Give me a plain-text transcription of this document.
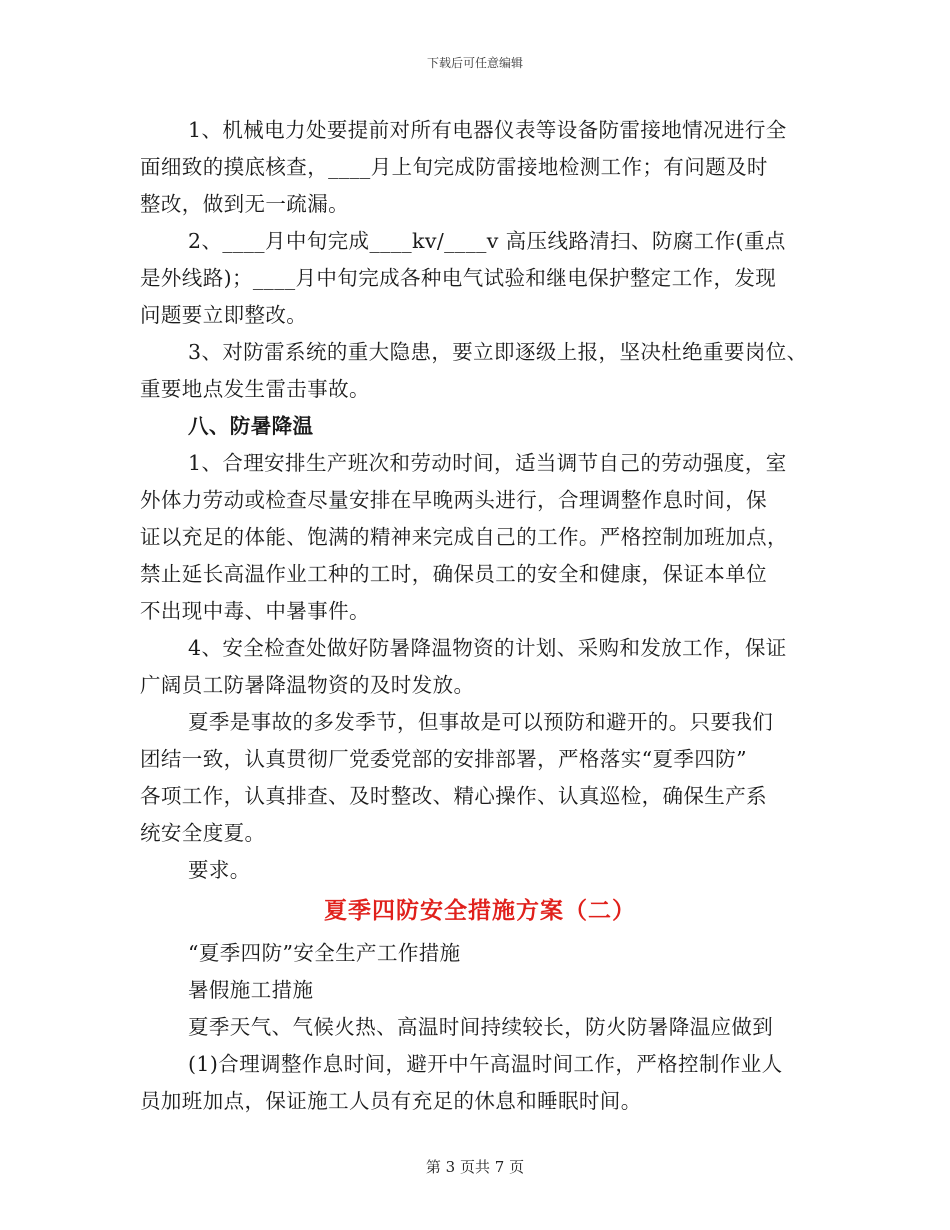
下载后可任意编辑
1、机械电力处要提前对所有电器仪表等设备防雷接地情况进行全
面细致的摸底核查，____月上旬完成防雷接地检测工作；有问题及时
整改，做到无一疏漏。
2、____月中旬完成____kv/____v 高压线路清扫、防腐工作(重点
是外线路)；____月中旬完成各种电气试验和继电保护整定工作，发现
问题要立即整改。
3、对防雷系统的重大隐患，要立即逐级上报，坚决杜绝重要岗位、
重要地点发生雷击事故。
八、防暑降温
1、合理安排生产班次和劳动时间，适当调节自己的劳动强度，室
外体力劳动或检查尽量安排在早晚两头进行，合理调整作息时间，保
证以充足的体能、饱满的精神来完成自己的工作。严格控制加班加点，
禁止延长高温作业工种的工时，确保员工的安全和健康，保证本单位
不出现中毒、中暑事件。
4、安全检查处做好防暑降温物资的计划、采购和发放工作，保证
广阔员工防暑降温物资的及时发放。
夏季是事故的多发季节，但事故是可以预防和避开的。只要我们
团结一致，认真贯彻厂党委党部的安排部署，严格落实“夏季四防”
各项工作，认真排查、及时整改、精心操作、认真巡检，确保生产系
统安全度夏。
要求。
夏季四防安全措施方案（二）
“夏季四防”安全生产工作措施
暑假施工措施
夏季天气、气候火热、高温时间持续较长，防火防暑降温应做到
(1)合理调整作息时间，避开中午高温时间工作，严格控制作业人
员加班加点，保证施工人员有充足的休息和睡眠时间。
第 3 页共 7 页
